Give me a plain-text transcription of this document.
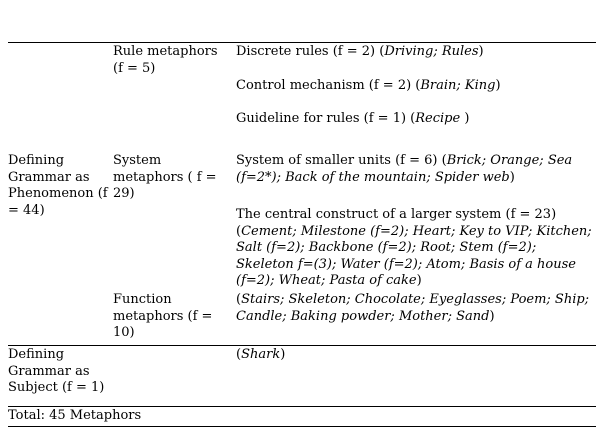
Rule metaphors (f = 5)
Discrete rules (f = 2) (Driving; Rules)
Control mechanism (f = 2) (Brain; King)
Guideline for rules (f = 1) (Recipe )
Defining Grammar as Phenomenon (f = 44)
System metaphors ( f = 29)
System of smaller units (f = 6) (Brick; Orange; Sea (f=2*); Back of the mountain; Spider web)
The central construct of a larger system (f = 23) (Cement; Milestone (f=2); Heart; Key to VIP; Kitchen; Salt (f=2); Backbone (f=2); Root; Stem (f=2); Skeleton f=(3); Water (f=2); Atom; Basis of a house (f=2); Wheat; Pasta of cake)
Function metaphors (f = 10)
(Stairs; Skeleton; Chocolate; Eyeglasses; Poem; Ship; Candle; Baking powder; Mother; Sand)
Defining Grammar as Subject (f = 1)
(Shark)
Total: 45 Metaphors
